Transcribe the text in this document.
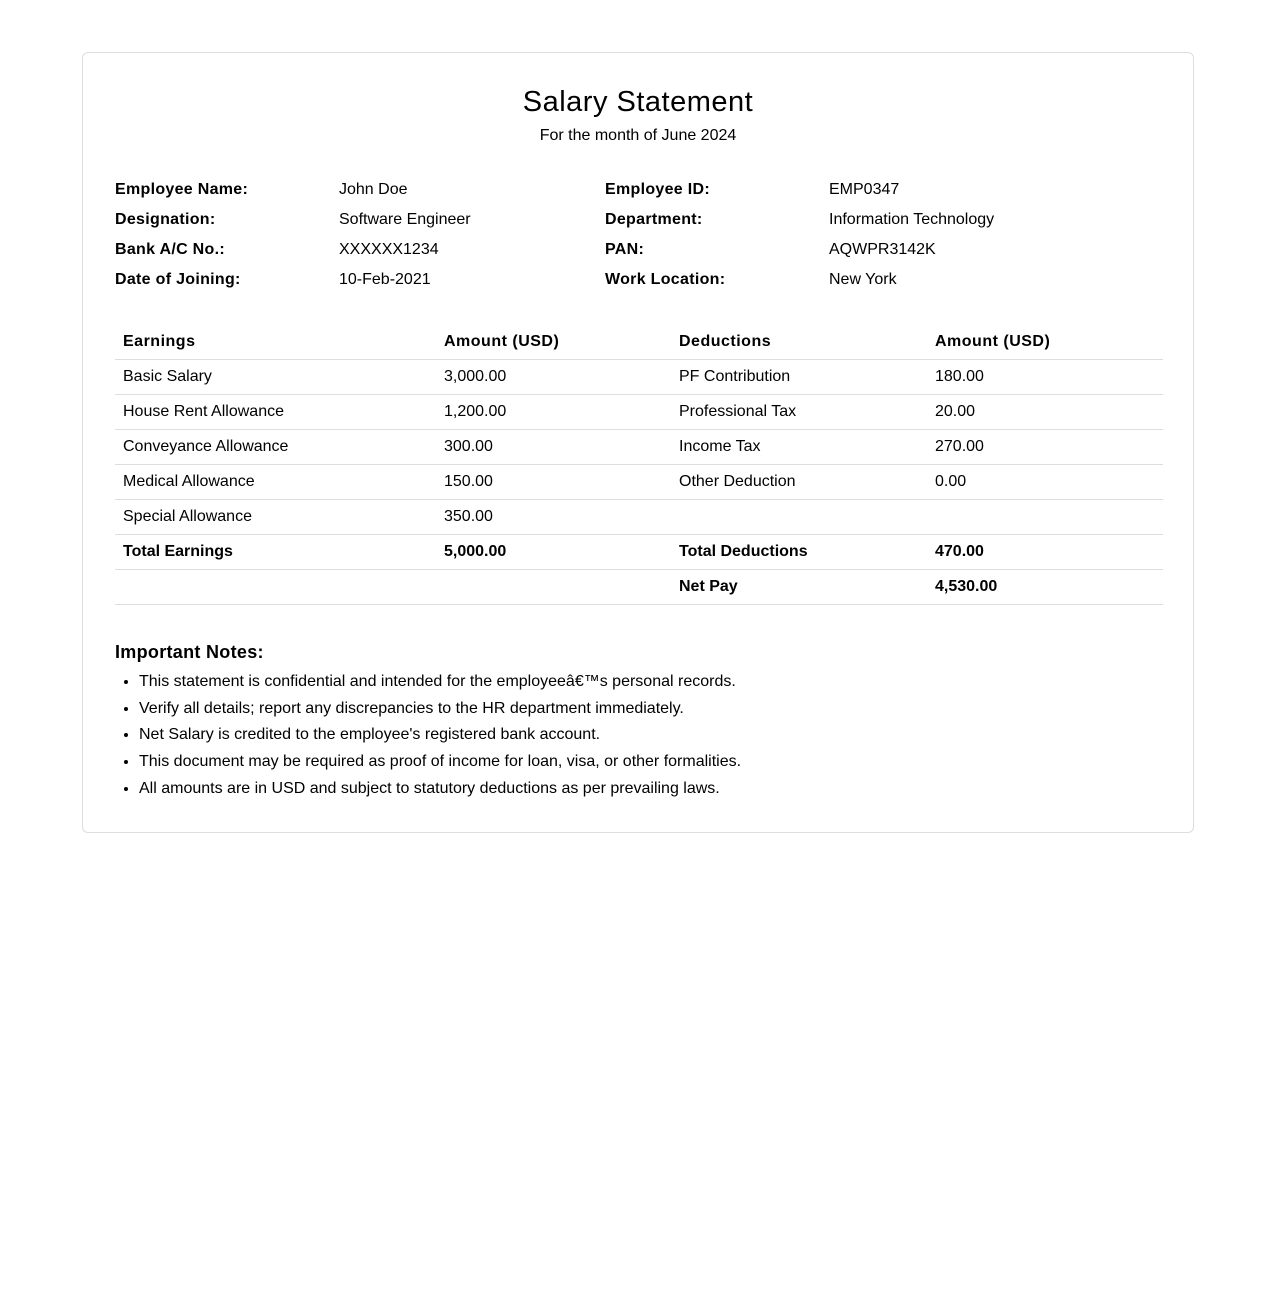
Salary Statement
For the month of June 2024
Employee Name:	John Doe	Employee ID:	EMP0347
Designation:	Software Engineer	Department:	Information Technology
Bank A/C No.:	XXXXXX1234	PAN:	AQWPR3142K
Date of Joining:	10-Feb-2021	Work Location:	New York
Earnings	Amount (USD)	Deductions	Amount (USD)
Basic Salary	3,000.00	PF Contribution	180.00
House Rent Allowance	1,200.00	Professional Tax	20.00
Conveyance Allowance	300.00	Income Tax	270.00
Medical Allowance	150.00	Other Deduction	0.00
Special Allowance	350.00		
Total Earnings	5,000.00	Total Deductions	470.00
		Net Pay	4,530.00
Important Notes:
• This statement is confidential and intended for the employeeâ€™s personal records.
• Verify all details; report any discrepancies to the HR department immediately.
• Net Salary is credited to the employee's registered bank account.
• This document may be required as proof of income for loan, visa, or other formalities.
• All amounts are in USD and subject to statutory deductions as per prevailing laws.
